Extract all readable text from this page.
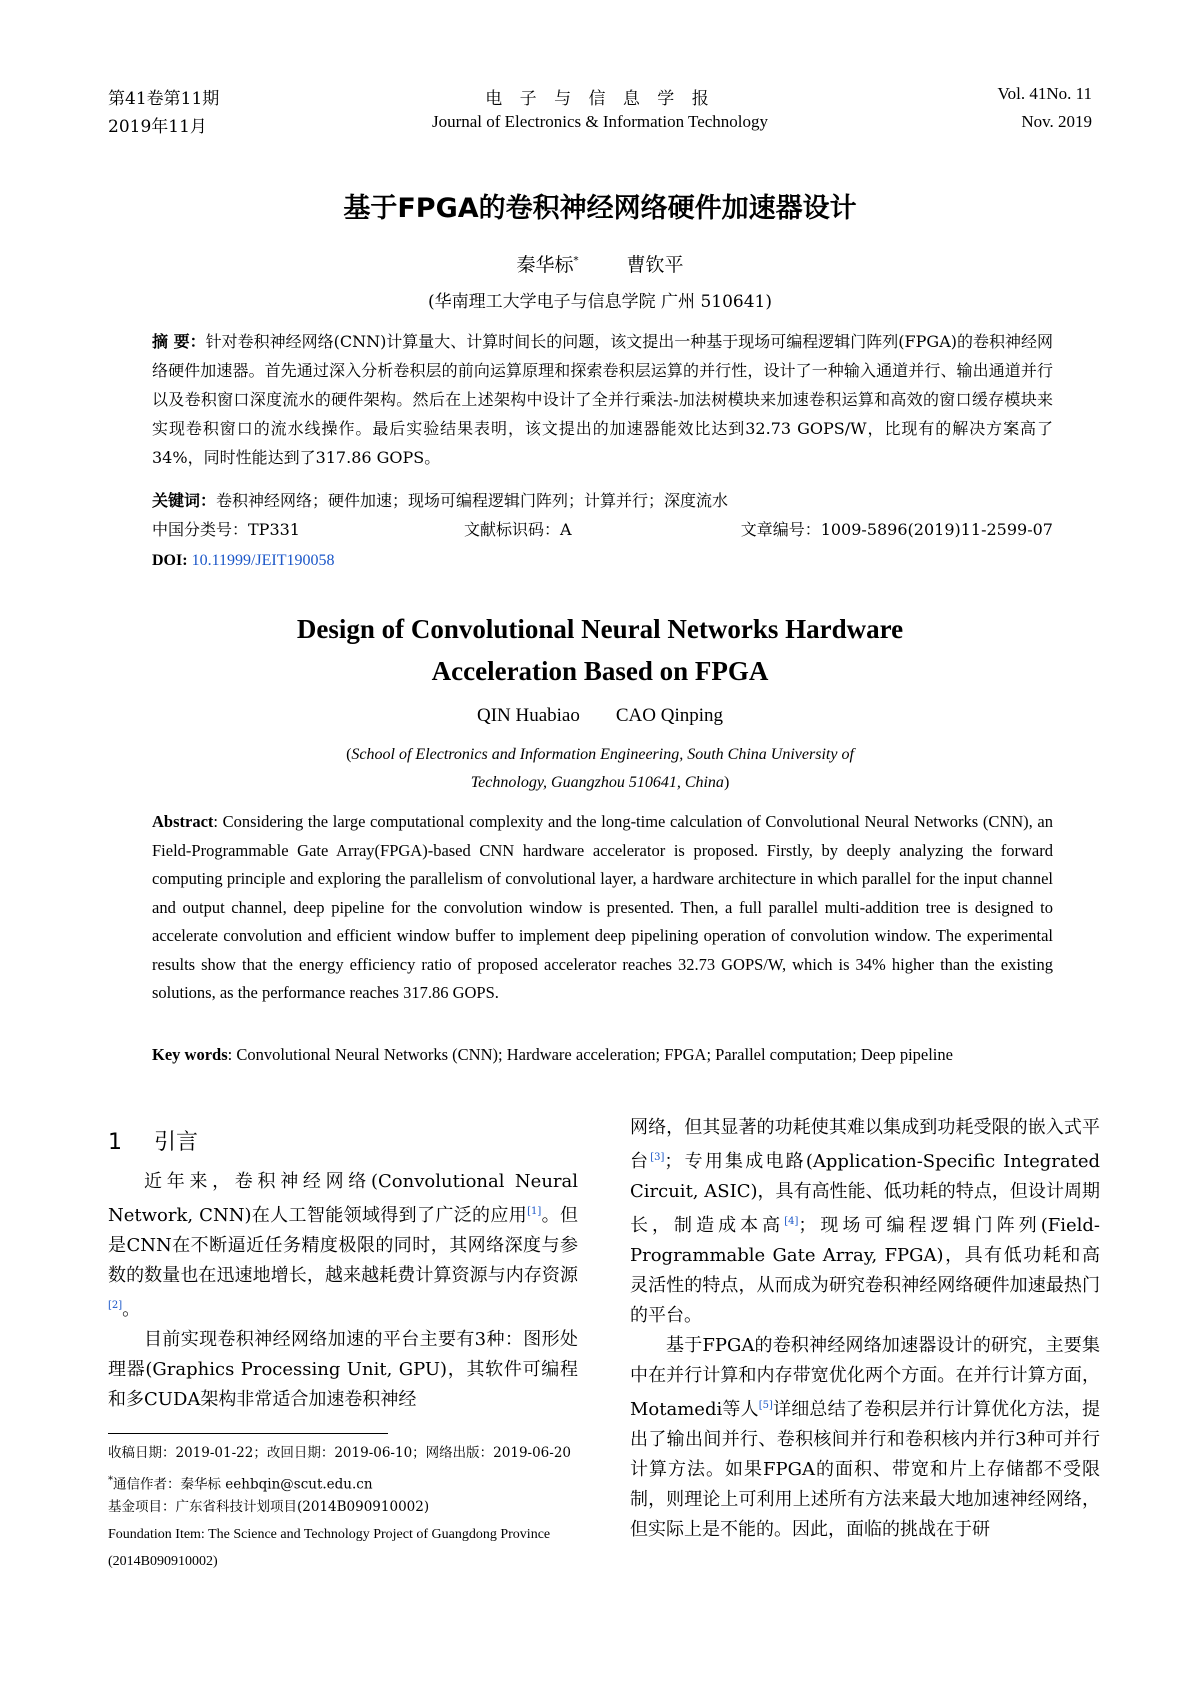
第41卷第11期
2019年11月
电 子 与 信 息 学 报
Journal of Electronics & Information Technology
Vol. 41No. 11
Nov. 2019
基于FPGA的卷积神经网络硬件加速器设计
秦华标*	曹钦平
(华南理工大学电子与信息学院 广州 510641)
摘 要：针对卷积神经网络(CNN)计算量大、计算时间长的问题，该文提出一种基于现场可编程逻辑门阵列(FPGA)的卷积神经网络硬件加速器。首先通过深入分析卷积层的前向运算原理和探索卷积层运算的并行性，设计了一种输入通道并行、输出通道并行以及卷积窗口深度流水的硬件架构。然后在上述架构中设计了全并行乘法-加法树模块来加速卷积运算和高效的窗口缓存模块来实现卷积窗口的流水线操作。最后实验结果表明，该文提出的加速器能效比达到32.73 GOPS/W，比现有的解决方案高了34%，同时性能达到了317.86 GOPS。
关键词：卷积神经网络；硬件加速；现场可编程逻辑门阵列；计算并行；深度流水
中国分类号：TP331	文献标识码：A	文章编号：1009-5896(2019)11-2599-07
DOI: 10.11999/JEIT190058
Design of Convolutional Neural Networks Hardware
Acceleration Based on FPGA
QIN Huabiao CAO Qinping
(School of Electronics and Information Engineering, South China University of
Technology, Guangzhou 510641, China)
Abstract: Considering the large computational complexity and the long-time calculation of Convolutional Neural Networks (CNN), an Field-Programmable Gate Array(FPGA)-based CNN hardware accelerator is proposed. Firstly, by deeply analyzing the forward computing principle and exploring the parallelism of convolutional layer, a hardware architecture in which parallel for the input channel and output channel, deep pipeline for the convolution window is presented. Then, a full parallel multi-addition tree is designed to accelerate convolution and efficient window buffer to implement deep pipelining operation of convolution window. The experimental results show that the energy efficiency ratio of proposed accelerator reaches 32.73 GOPS/W, which is 34% higher than the existing solutions, as the performance reaches 317.86 GOPS.
Key words: Convolutional Neural Networks (CNN); Hardware acceleration; FPGA; Parallel computation; Deep pipeline
1 引言

近年来，卷积神经网络(Convolutional Neural Network, CNN)在人工智能领域得到了广泛的应用[1]。但是CNN在不断逼近任务精度极限的同时，其网络深度与参数的数量也在迅速地增长，越来越耗费计算资源与内存资源[2]。

目前实现卷积神经网络加速的平台主要有3种：图形处理器(Graphics Processing Unit, GPU)，其软件可编程和多CUDA架构非常适合加速卷积神经

收稿日期：2019-01-22；改回日期：2019-06-10；网络出版：2019-06-20
*通信作者：秦华标 eehbqin@scut.edu.cn
基金项目：广东省科技计划项目(2014B090910002)
Foundation Item: The Science and Technology Project of Guangdong Province (2014B090910002)

网络，但其显著的功耗使其难以集成到功耗受限的嵌入式平台[3]；专用集成电路(Application-Specific Integrated Circuit, ASIC)，具有高性能、低功耗的特点，但设计周期长，制造成本高[4]；现场可编程逻辑门阵列(Field-Programmable Gate Array, FPGA)，具有低功耗和高灵活性的特点，从而成为研究卷积神经网络硬件加速最热门的平台。

基于FPGA的卷积神经网络加速器设计的研究，主要集中在并行计算和内存带宽优化两个方面。在并行计算方面，Motamedi等人[5]详细总结了卷积层并行计算优化方法，提出了输出间并行、卷积核间并行和卷积核内并行3种可并行计算方法。如果FPGA的面积、带宽和片上存储都不受限制，则理论上可利用上述所有方法来最大地加速神经网络，但实际上是不能的。因此，面临的挑战在于研
